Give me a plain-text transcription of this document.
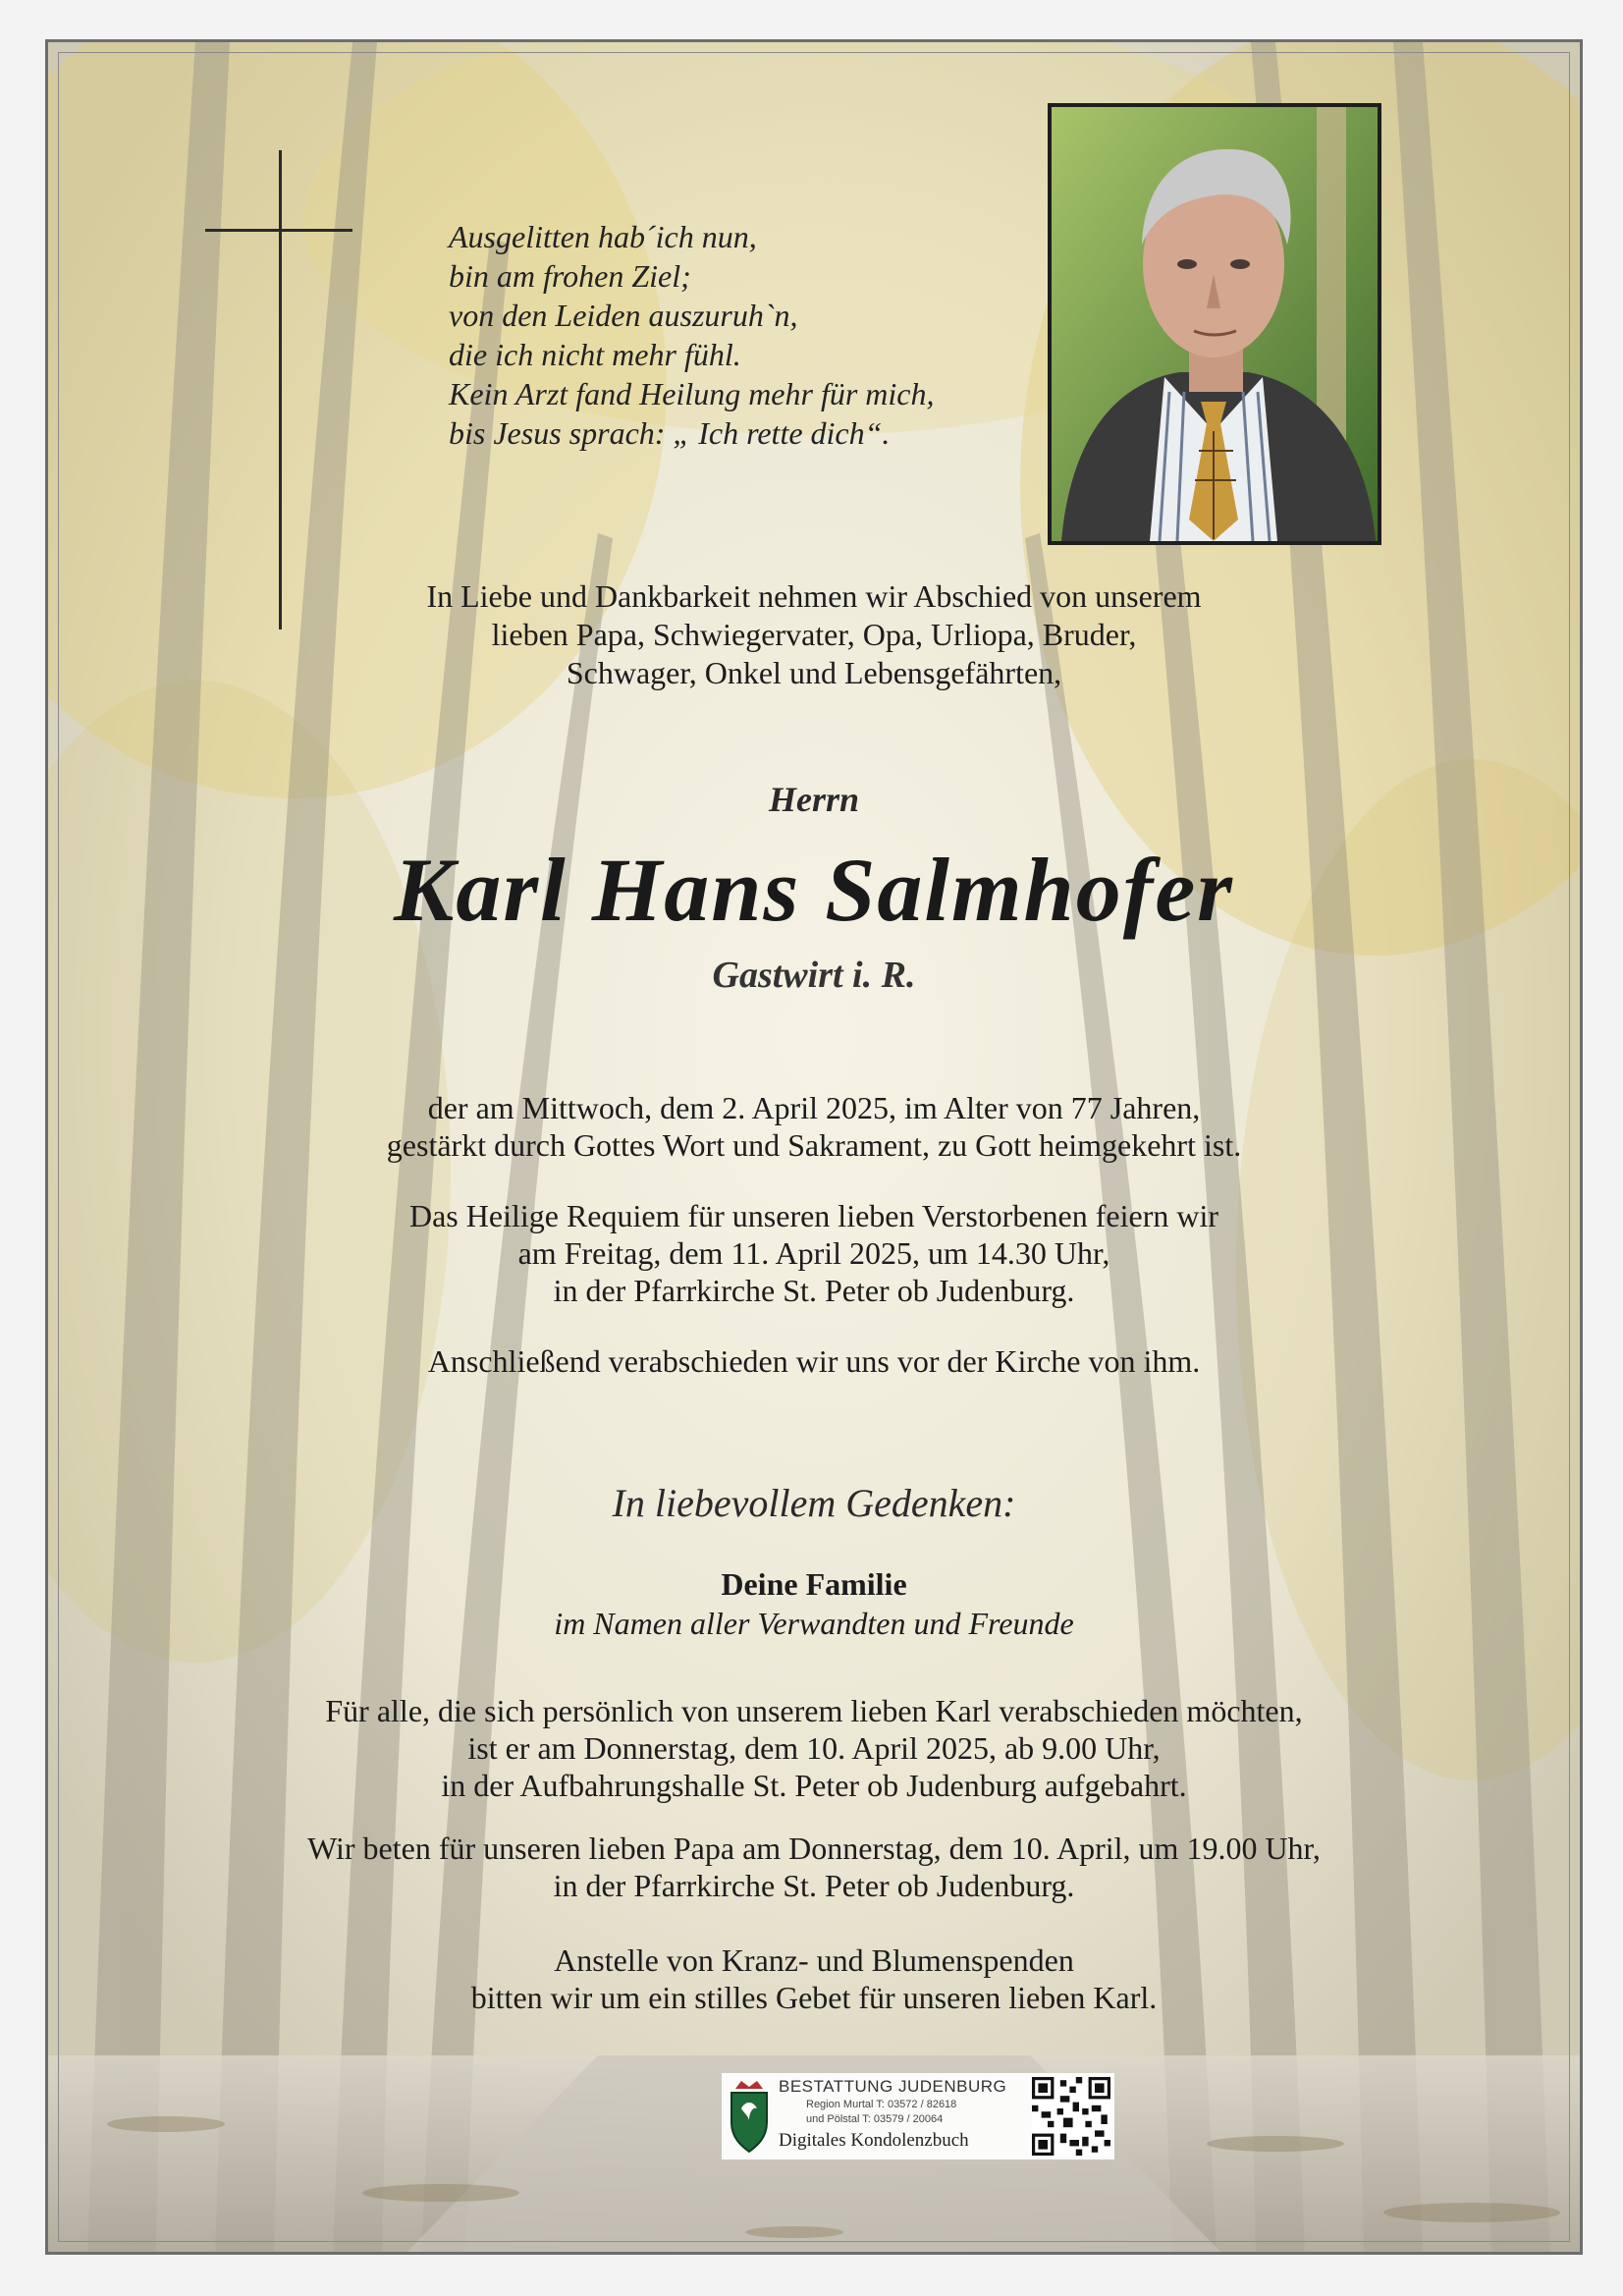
Ausgelitten hab´ich nun,
bin am frohen Ziel;
von den Leiden auszuruh`n,
die ich nicht mehr fühl.
Kein Arzt fand Heilung mehr für mich,
bis Jesus sprach: „ Ich rette dich“.
In Liebe und Dankbarkeit nehmen wir Abschied von unserem
lieben Papa, Schwiegervater, Opa, Urliopa, Bruder,
Schwager, Onkel und Lebensgefährten,
Herrn
Karl Hans Salmhofer
Gastwirt i. R.
der am Mittwoch, dem 2. April 2025, im Alter von 77 Jahren,
gestärkt durch Gottes Wort und Sakrament, zu Gott heimgekehrt ist.
Das Heilige Requiem für unseren lieben Verstorbenen feiern wir
am Freitag, dem 11. April 2025, um 14.30 Uhr,
in der Pfarrkirche St. Peter ob Judenburg.
Anschließend verabschieden wir uns vor der Kirche von ihm.
In liebevollem Gedenken:
Deine Familie
im Namen aller Verwandten und Freunde
Für alle, die sich persönlich von unserem lieben Karl verabschieden möchten,
ist er am Donnerstag, dem 10. April 2025, ab 9.00 Uhr,
in der Aufbahrungshalle St. Peter ob Judenburg aufgebahrt.
Wir beten für unseren lieben Papa am Donnerstag, dem 10. April, um 19.00 Uhr,
in der Pfarrkirche St. Peter ob Judenburg.
Anstelle von Kranz- und Blumenspenden
bitten wir um ein stilles Gebet für unseren lieben Karl.
BESTATTUNG JUDENBURG
Region Murtal T: 03572 / 82618
und Pölstal T: 03579 / 20064
Digitales Kondolenzbuch
